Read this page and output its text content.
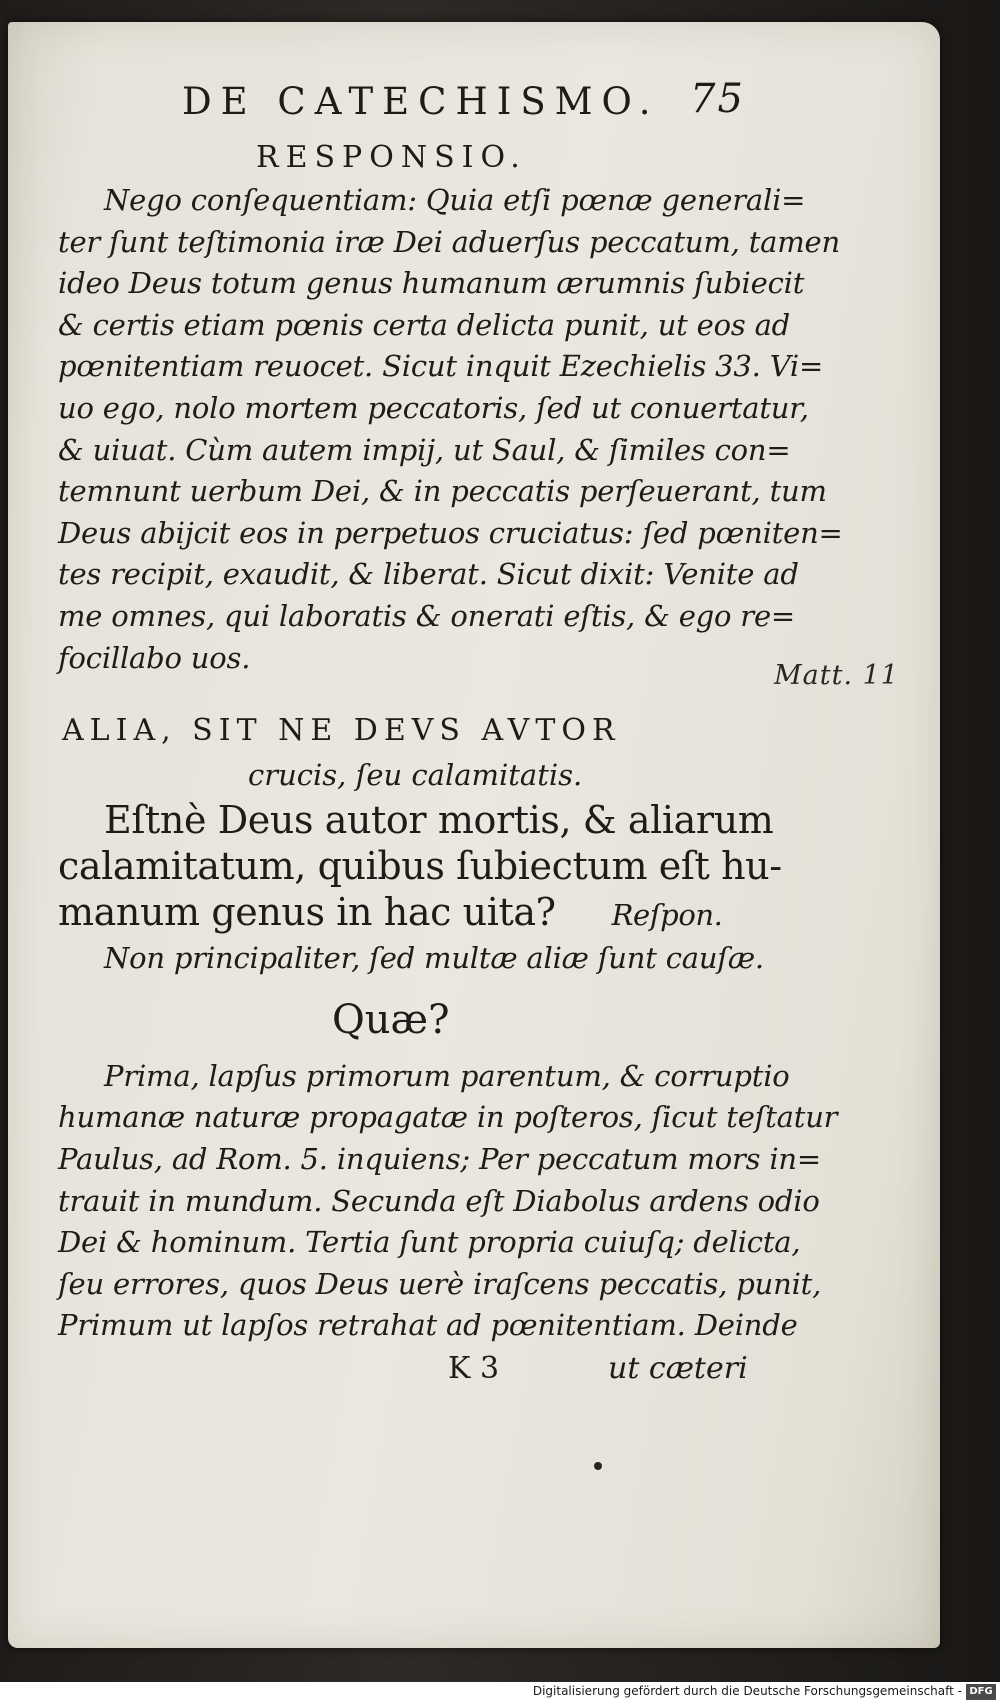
DE CATECHISMO. 75
RESPONSIO.
Nego conſequentiam: Quia etſi pœnæ generali=
ter ſunt teſtimonia iræ Dei aduerſus peccatum, tamen
ideo Deus totum genus humanum ærumnis ſubiecit
& certis etiam pœnis certa delicta punit, ut eos ad
pœnitentiam reuocet. Sicut inquit Ezechielis 33. Vi=
uo ego, nolo mortem peccatoris, ſed ut conuertatur,
& uiuat. Cùm autem impij, ut Saul, & ſimiles con=
temnunt uerbum Dei, & in peccatis perſeuerant, tum
Deus abijcit eos in perpetuos cruciatus: ſed pœniten=
tes recipit, exaudit, & liberat. Sicut dixit: Venite ad
me omnes, qui laboratis & onerati eſtis, & ego re=
focillabo uos.
Matt. 11
ALIA, SIT NE DEVS AVTOR
crucis, ſeu calamitatis.
Eſtnè Deus autor mortis, & aliarum
calamitatum, quibus ſubiectum eſt hu-
manum genus in hac uita? Reſpon.
Non principaliter, ſed multæ aliæ ſunt cauſæ.
Quæ?
Prima, lapſus primorum parentum, & corruptio
humanæ naturæ propagatæ in poſteros, ſicut teſtatur
Paulus, ad Rom. 5. inquiens; Per peccatum mors in=
trauit in mundum. Secunda eſt Diabolus ardens odio
Dei & hominum. Tertia ſunt propria cuiuſq; delicta,
ſeu errores, quos Deus uerè iraſcens peccatis, punit,
Primum ut lapſos retrahat ad pœnitentiam. Deinde
K 3	ut cæteri
Digitalisierung gefördert durch die Deutsche Forschungsgemeinschaft - DFG
